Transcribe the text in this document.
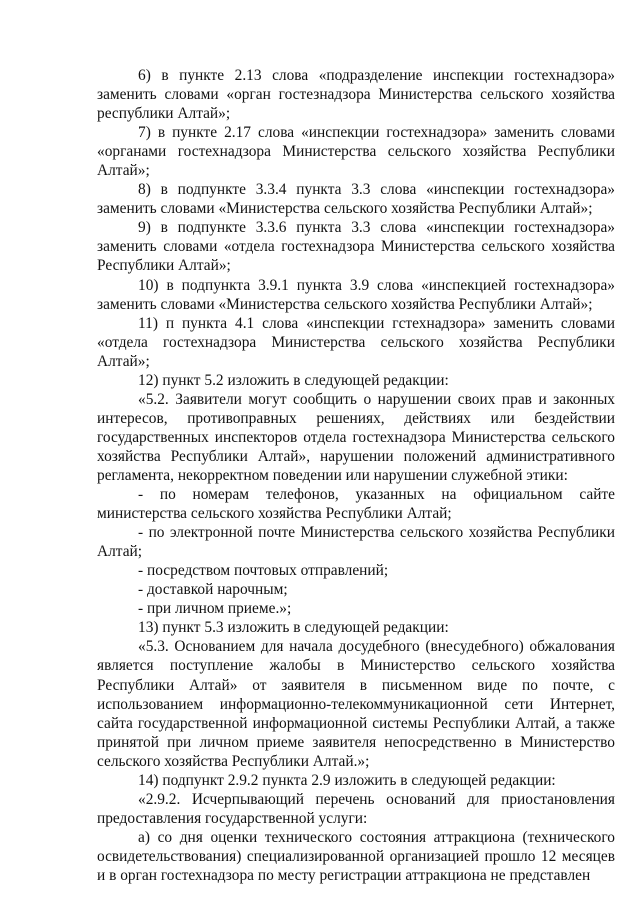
6) в пункте 2.13 слова «подразделение инспекции гостехнадзора» заменить словами «орган гостезнадзора Министерства сельского хозяйства республики Алтай»;

7) в пункте 2.17 слова «инспекции гостехнадзора» заменить словами «органами гостехнадзора Министерства сельского хозяйства Республики Алтай»;

8) в подпункте 3.3.4 пункта 3.3 слова «инспекции гостехнадзора» заменить словами «Министерства сельского хозяйства Республики Алтай»;

9) в подпункте 3.3.6 пункта 3.3 слова «инспекции гостехнадзора» заменить словами «отдела гостехнадзора Министерства сельского хозяйства Республики Алтай»;

10) в подпункта 3.9.1 пункта 3.9 слова «инспекцией гостехнадзора» заменить словами «Министерства сельского хозяйства Республики Алтай»;

11) п пункта 4.1 слова «инспекции гстехнадзора» заменить словами «отдела гостехнадзора Министерства сельского хозяйства Республики Алтай»;

12) пункт 5.2 изложить в следующей редакции:

«5.2. Заявители могут сообщить о нарушении своих прав и законных интересов, противоправных решениях, действиях или бездействии государственных инспекторов отдела гостехнадзора Министерства сельского хозяйства Республики Алтай», нарушении положений административного регламента, некорректном поведении или нарушении служебной этики:

- по номерам телефонов, указанных на официальном сайте министерства сельского хозяйства Республики Алтай;

- по электронной почте Министерства сельского хозяйства Республики Алтай;

- посредством почтовых отправлений;

- доставкой нарочным;

- при личном приеме.»;

13) пункт 5.3 изложить в следующей редакции:

«5.3. Основанием для начала досудебного (внесудебного) обжалования является поступление жалобы в Министерство сельского хозяйства Республики Алтай» от заявителя в письменном виде по почте, с использованием информационно-телекоммуникационной сети Интернет, сайта государственной информационной системы Республики Алтай, а также принятой при личном приеме заявителя непосредственно в Министерство сельского хозяйства Республики Алтай.»;

14) подпункт 2.9.2 пункта 2.9 изложить в следующей редакции:

«2.9.2. Исчерпывающий перечень оснований для приостановления предоставления государственной услуги:

а) со дня оценки технического состояния аттракциона (технического освидетельствования) специализированной организацией прошло 12 месяцев и в орган гостехнадзора по месту регистрации аттракциона не представлен
